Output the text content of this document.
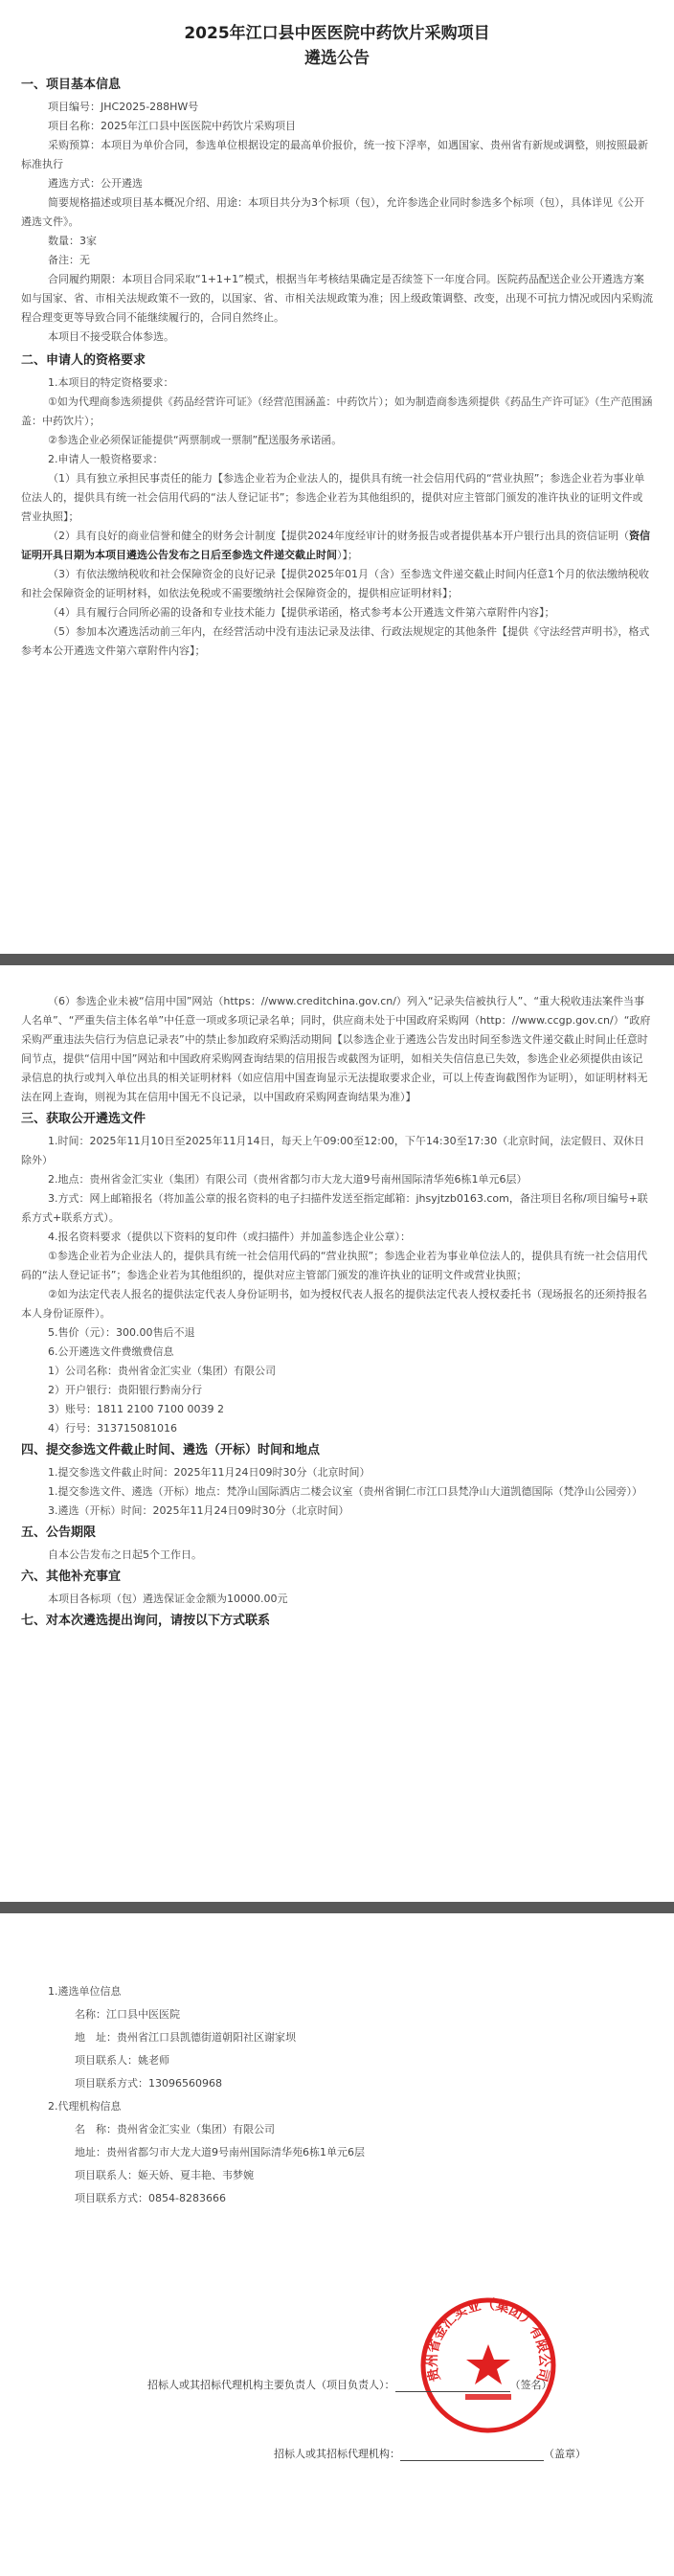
2025年江口县中医医院中药饮片采购项目
遴选公告
一、项目基本信息

项目编号：JHC2025-288HW号

项目名称：2025年江口县中医医院中药饮片采购项目

采购预算：本项目为单价合同，参选单位根据设定的最高单价报价，统一按下浮率，如遇国家、贵州省有新规或调整，则按照最新标准执行

遴选方式：公开遴选

简要规格描述或项目基本概况介绍、用途：本项目共分为3个标项（包），允许参选企业同时参选多个标项（包），具体详见《公开遴选文件》。

数量：3家

备注：无

合同履约期限：本项目合同采取“1+1+1”模式，根据当年考核结果确定是否续签下一年度合同。医院药品配送企业公开遴选方案如与国家、省、市相关法规政策不一致的，以国家、省、市相关法规政策为准；因上级政策调整、改变，出现不可抗力情况或因内采购流程合理变更等导致合同不能继续履行的，合同自然终止。

本项目不接受联合体参选。

二、申请人的资格要求

1.本项目的特定资格要求：

①如为代理商参选须提供《药品经营许可证》（经营范围涵盖：中药饮片）；如为制造商参选须提供《药品生产许可证》（生产范围涵盖：中药饮片）；

②参选企业必须保证能提供“两票制或一票制”配送服务承诺函。

2.申请人一般资格要求：

（1）具有独立承担民事责任的能力【参选企业若为企业法人的，提供具有统一社会信用代码的“营业执照”；参选企业若为事业单位法人的，提供具有统一社会信用代码的“法人登记证书”；参选企业若为其他组织的，提供对应主管部门颁发的准许执业的证明文件或营业执照】；

（2）具有良好的商业信誉和健全的财务会计制度【提供2024年度经审计的财务报告或者提供基本开户银行出具的资信证明（资信证明开具日期为本项目遴选公告发布之日后至参选文件递交截止时间）】；

（3）有依法缴纳税收和社会保障资金的良好记录【提供2025年01月（含）至参选文件递交截止时间内任意1个月的依法缴纳税收和社会保障资金的证明材料，如依法免税或不需要缴纳社会保障资金的，提供相应证明材料】；

（4）具有履行合同所必需的设备和专业技术能力【提供承诺函，格式参考本公开遴选文件第六章附件内容】；

（5）参加本次遴选活动前三年内，在经营活动中没有违法记录及法律、行政法规规定的其他条件【提供《守法经营声明书》，格式参考本公开遴选文件第六章附件内容】；

（6）参选企业未被“信用中国”网站（https：//www.creditchina.gov.cn/）列入“记录失信被执行人”、“重大税收违法案件当事人名单”、“严重失信主体名单”中任意一项或多项记录名单；同时，供应商未处于中国政府采购网（http：//www.ccgp.gov.cn/）“政府采购严重违法失信行为信息记录表”中的禁止参加政府采购活动期间【以参选企业于遴选公告发出时间至参选文件递交截止时间止任意时间节点，提供“信用中国”网站和中国政府采购网查询结果的信用报告或截图为证明，如相关失信信息已失效，参选企业必须提供由该记录信息的执行或判入单位出具的相关证明材料（如应信用中国查询显示无法提取要求企业，可以上传查询截图作为证明），如证明材料无法在网上查询，则视为其在信用中国无不良记录，以中国政府采购网查询结果为准）】

三、获取公开遴选文件

1.时间：2025年11月10日至2025年11月14日，每天上午09:00至12:00，下午14:30至17:30（北京时间，法定假日、双休日除外）

2.地点：贵州省金汇实业（集团）有限公司（贵州省都匀市大龙大道9号南州国际清华苑6栋1单元6层）

3.方式：网上邮箱报名（将加盖公章的报名资料的电子扫描件发送至指定邮箱：jhsyjtzb0163.com，备注项目名称/项目编号+联系方式+联系方式）。

4.报名资料要求（提供以下资料的复印件（或扫描件）并加盖参选企业公章）：

①参选企业若为企业法人的，提供具有统一社会信用代码的“营业执照”；参选企业若为事业单位法人的，提供具有统一社会信用代码的“法人登记证书”；参选企业若为其他组织的，提供对应主管部门颁发的准许执业的证明文件或营业执照；

②如为法定代表人报名的提供法定代表人身份证明书，如为授权代表人报名的提供法定代表人授权委托书（现场报名的还须持报名本人身份证原件）。

5.售价（元）：300.00售后不退

6.公开遴选文件费缴费信息

1）公司名称：贵州省金汇实业（集团）有限公司

2）开户银行：贵阳银行黔南分行

3）账号：1811 2100 7100 0039 2

4）行号：313715081016

四、提交参选文件截止时间、遴选（开标）时间和地点

1.提交参选文件截止时间：2025年11月24日09时30分（北京时间）

1.提交参选文件、遴选（开标）地点：梵净山国际酒店二楼会议室（贵州省铜仁市江口县梵净山大道凯德国际（梵净山公园旁））

3.遴选（开标）时间：2025年11月24日09时30分（北京时间）

五、公告期限

自本公告发布之日起5个工作日。

六、其他补充事宜

本项目各标项（包）遴选保证金金额为10000.00元

七、对本次遴选提出询问，请按以下方式联系

1.遴选单位信息

名称：江口县中医医院

地　址：贵州省江口县凯德街道朝阳社区谢家坝

项目联系人：姚老师

项目联系方式：13096560968

2.代理机构信息

名　称：贵州省金汇实业（集团）有限公司

地址：贵州省都匀市大龙大道9号南州国际清华苑6栋1单元6层

项目联系人：姬天娇、夏丰艳、韦梦婉

项目联系方式：0854-8283666

贵州省金汇实业（集团）有限公司
招标人或其招标代理机构主要负责人（项目负责人）：	（签名）
招标人或其招标代理机构：	（盖章）
